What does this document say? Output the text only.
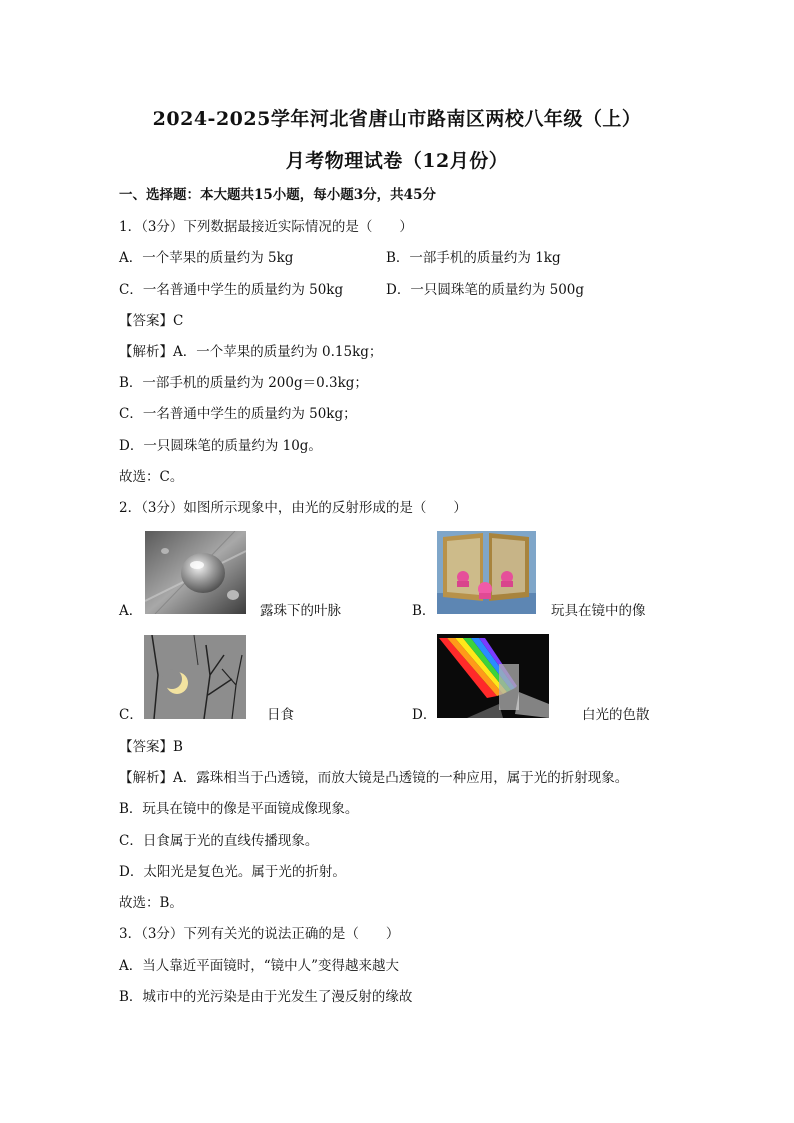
2024-2025学年河北省唐山市路南区两校八年级（上）
月考物理试卷（12月份）
一、选择题：本大题共15小题，每小题3分，共45分
1．（3分）下列数据最接近实际情况的是（　　）
A．一个苹果的质量约为 5kg	B．一部手机的质量约为 1kg
C．一名普通中学生的质量约为 50kg	D．一只圆珠笔的质量约为 500g
【答案】C
【解析】A．一个苹果的质量约为 0.15kg；
B．一部手机的质量约为 200g＝0.3kg；
C．一名普通中学生的质量约为 50kg；
D．一只圆珠笔的质量约为 10g。
故选：C。
2．（3分）如图所示现象中，由光的反射形成的是（　　）
A．	露珠下的叶脉	B．	玩具在镜中的像
C．	日食	D．	白光的色散
【答案】B
【解析】A．露珠相当于凸透镜，而放大镜是凸透镜的一种应用，属于光的折射现象。
B．玩具在镜中的像是平面镜成像现象。
C．日食属于光的直线传播现象。
D．太阳光是复色光。属于光的折射。
故选：B。
3．（3分）下列有关光的说法正确的是（　　）
A．当人靠近平面镜时，“镜中人”变得越来越大
B．城市中的光污染是由于光发生了漫反射的缘故
